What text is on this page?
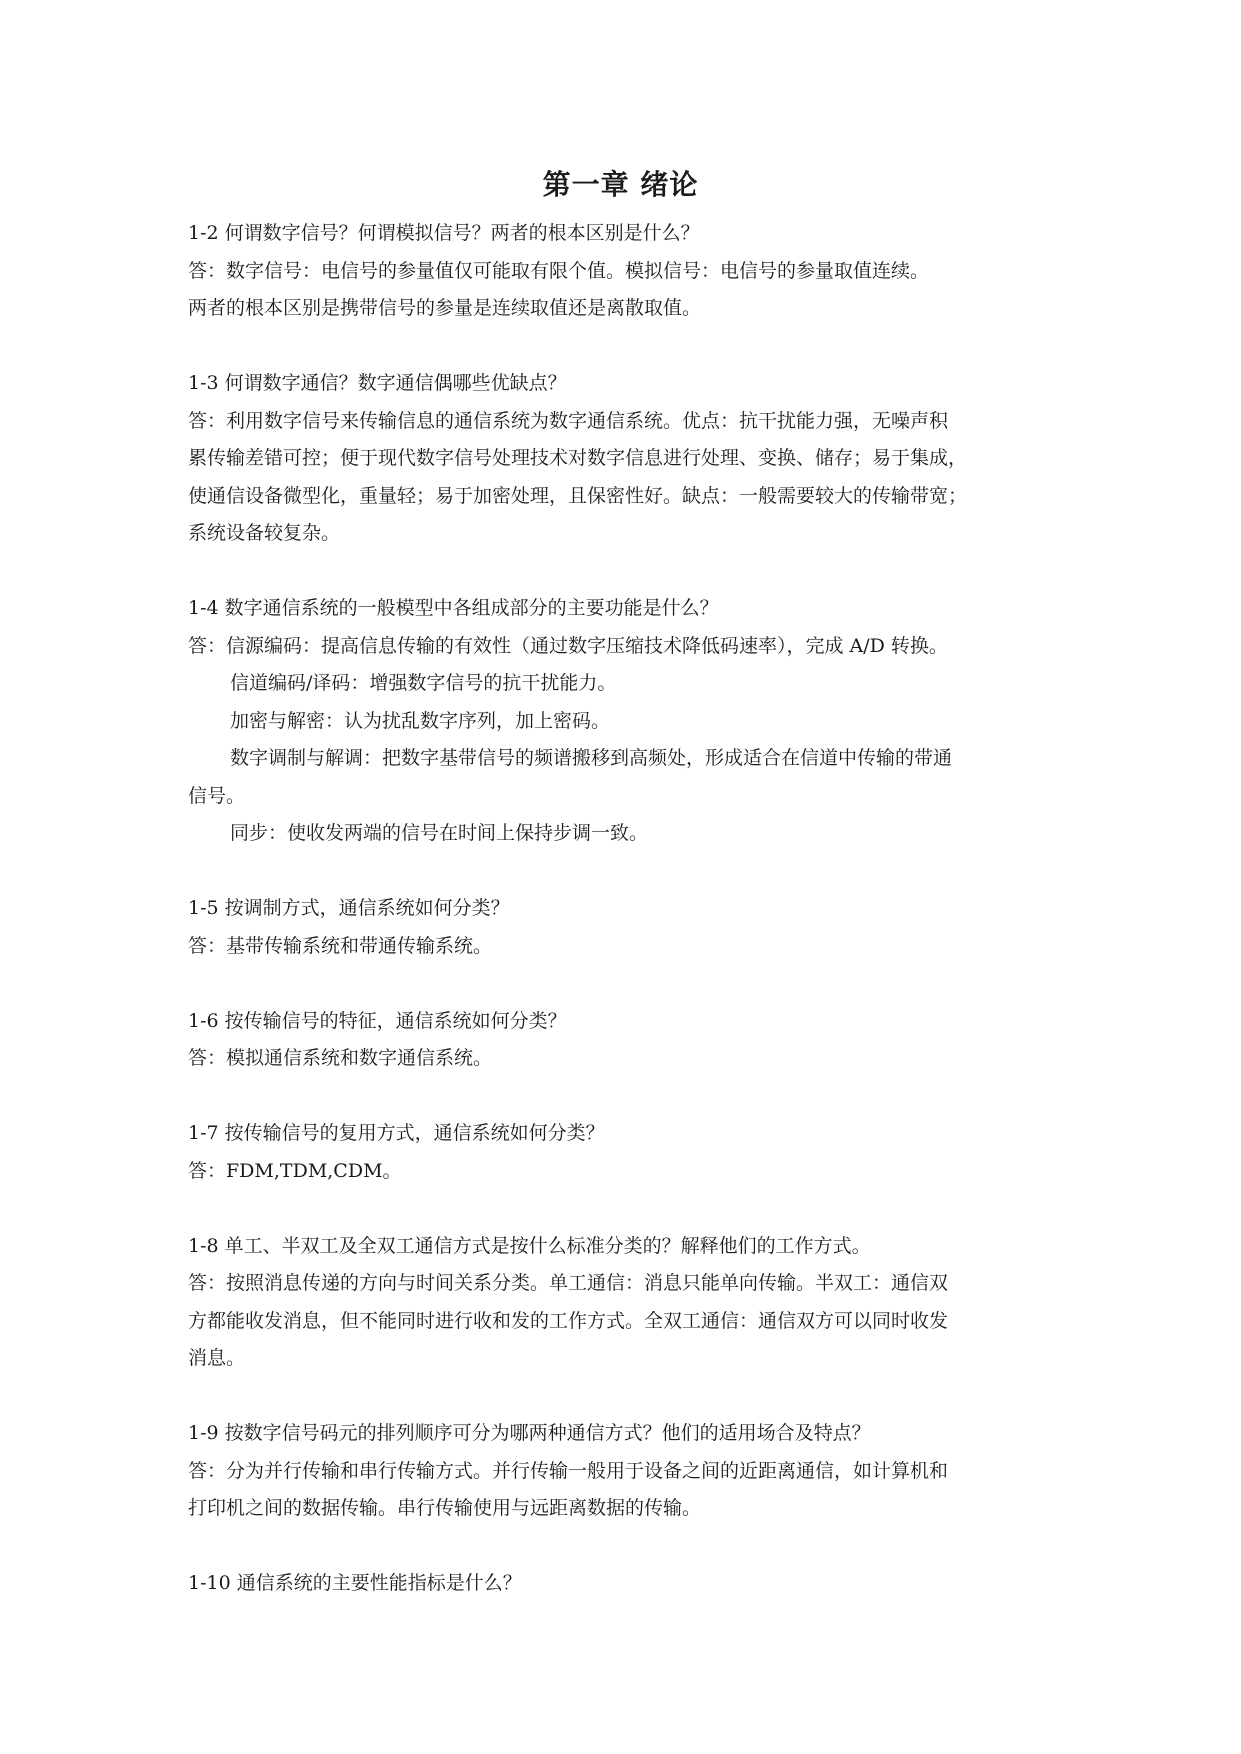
第一章 绪论

1-2 何谓数字信号？何谓模拟信号？两者的根本区别是什么？

答：数字信号：电信号的参量值仅可能取有限个值。模拟信号：电信号的参量取值连续。

两者的根本区别是携带信号的参量是连续取值还是离散取值。

1-3 何谓数字通信？数字通信偶哪些优缺点？

答：利用数字信号来传输信息的通信系统为数字通信系统。优点：抗干扰能力强，无噪声积

累传输差错可控；便于现代数字信号处理技术对数字信息进行处理、变换、储存；易于集成，

使通信设备微型化，重量轻；易于加密处理，且保密性好。缺点：一般需要较大的传输带宽；

系统设备较复杂。

1-4 数字通信系统的一般模型中各组成部分的主要功能是什么？

答：信源编码：提高信息传输的有效性（通过数字压缩技术降低码速率），完成 A/D 转换。

信道编码/译码：增强数字信号的抗干扰能力。

加密与解密：认为扰乱数字序列，加上密码。

数字调制与解调：把数字基带信号的频谱搬移到高频处，形成适合在信道中传输的带通

信号。

同步：使收发两端的信号在时间上保持步调一致。

1-5 按调制方式，通信系统如何分类？

答：基带传输系统和带通传输系统。

1-6 按传输信号的特征，通信系统如何分类？

答：模拟通信系统和数字通信系统。

1-7 按传输信号的复用方式，通信系统如何分类？

答：FDM,TDM,CDM。

1-8 单工、半双工及全双工通信方式是按什么标准分类的？解释他们的工作方式。

答：按照消息传递的方向与时间关系分类。单工通信：消息只能单向传输。半双工：通信双

方都能收发消息，但不能同时进行收和发的工作方式。全双工通信：通信双方可以同时收发

消息。

1-9 按数字信号码元的排列顺序可分为哪两种通信方式？他们的适用场合及特点？

答：分为并行传输和串行传输方式。并行传输一般用于设备之间的近距离通信，如计算机和

打印机之间的数据传输。串行传输使用与远距离数据的传输。

1-10 通信系统的主要性能指标是什么？
